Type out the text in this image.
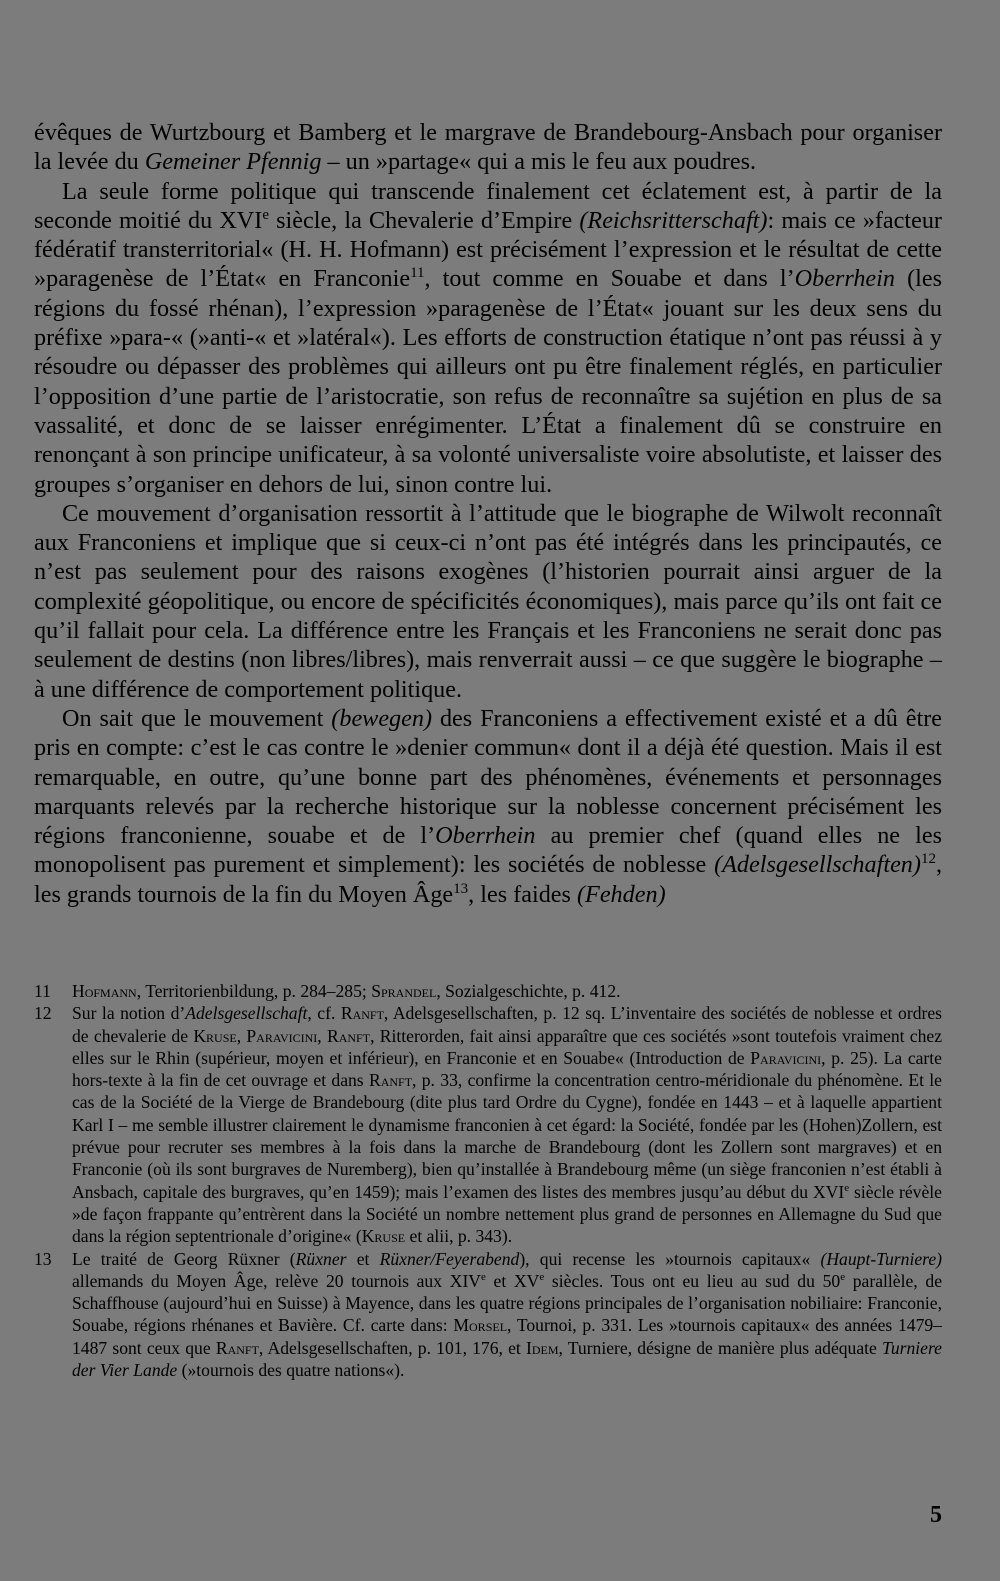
évêques de Wurtzbourg et Bamberg et le margrave de Brandebourg-Ansbach pour organiser la levée du Gemeiner Pfennig – un »partage« qui a mis le feu aux poudres.

La seule forme politique qui transcende finalement cet éclatement est, à partir de la seconde moitié du XVIe siècle, la Chevalerie d’Empire (Reichsritterschaft): mais ce »facteur fédératif transterritorial« (H. H. Hofmann) est précisément l’expression et le résultat de cette »paragenèse de l’État« en Franconie$^{11}$, tout comme en Souabe et dans l’Oberrhein (les régions du fossé rhénan), l’expression »paragenèse de l’État« jouant sur les deux sens du préfixe »para-« (»anti-« et »latéral«). Les efforts de construction étatique n’ont pas réussi à y résoudre ou dépasser des problèmes qui ailleurs ont pu être finalement réglés, en particulier l’opposition d’une partie de l’aristocratie, son refus de reconnaître sa sujétion en plus de sa vassalité, et donc de se laisser enrégimenter. L’État a finalement dû se construire en renonçant à son principe unificateur, à sa volonté universaliste voire absolutiste, et laisser des groupes s’organiser en dehors de lui, sinon contre lui.

Ce mouvement d’organisation ressortit à l’attitude que le biographe de Wilwolt reconnaît aux Franconiens et implique que si ceux-ci n’ont pas été intégrés dans les principautés, ce n’est pas seulement pour des raisons exogènes (l’historien pourrait ainsi arguer de la complexité géopolitique, ou encore de spécificités économiques), mais parce qu’ils ont fait ce qu’il fallait pour cela. La différence entre les Français et les Franconiens ne serait donc pas seulement de destins (non libres/libres), mais renverrait aussi – ce que suggère le biographe – à une différence de comportement politique.

On sait que le mouvement (bewegen) des Franconiens a effectivement existé et a dû être pris en compte: c’est le cas contre le »denier commun« dont il a déjà été question. Mais il est remarquable, en outre, qu’une bonne part des phénomènes, événements et personnages marquants relevés par la recherche historique sur la noblesse concernent précisément les régions franconienne, souabe et de l’Oberrhein au premier chef (quand elles ne les monopolisent pas purement et simplement): les sociétés de noblesse (Adelsgesellschaften)$^{12}$, les grands tournois de la fin du Moyen Âge$^{13}$, les faides (Fehden)

11	Hofmann, Territorienbildung, p. 284–285; Sprandel, Sozialgeschichte, p. 412.
12	Sur la notion d’Adelsgesellschaft, cf. Ranft, Adelsgesellschaften, p. 12 sq. L’inventaire des sociétés de noblesse et ordres de chevalerie de Kruse, Paravicini, Ranft, Ritterorden, fait ainsi apparaître que ces sociétés »sont toutefois vraiment chez elles sur le Rhin (supérieur, moyen et inférieur), en Franconie et en Souabe« (Introduction de Paravicini, p. 25). La carte hors-texte à la fin de cet ouvrage et dans Ranft, p. 33, confirme la concentration centro-méridionale du phénomène. Et le cas de la Société de la Vierge de Brandebourg (dite plus tard Ordre du Cygne), fondée en 1443 – et à laquelle appartient Karl I – me semble illustrer clairement le dynamisme franconien à cet égard: la Société, fondée par les (Hohen)Zollern, est prévue pour recruter ses membres à la fois dans la marche de Brandebourg (dont les Zollern sont margraves) et en Franconie (où ils sont burgraves de Nuremberg), bien qu’installée à Brandebourg même (un siège franconien n’est établi à Ansbach, capitale des burgraves, qu’en 1459); mais l’examen des listes des membres jusqu’au début du XVIe siècle révèle »de façon frappante qu’entrèrent dans la Société un nombre nettement plus grand de personnes en Allemagne du Sud que dans la région septentrionale d’origine« (Kruse et alii, p. 343).
13	Le traité de Georg Rüxner (Rüxner et Rüxner/Feyerabend), qui recense les »tournois capitaux« (Haupt-Turniere) allemands du Moyen Âge, relève 20 tournois aux XIVe et XVe siècles. Tous ont eu lieu au sud du 50e parallèle, de Schaffhouse (aujourd’hui en Suisse) à Mayence, dans les quatre régions principales de l’organisation nobiliaire: Franconie, Souabe, régions rhénanes et Bavière. Cf. carte dans: Morsel, Tournoi, p. 331. Les »tournois capitaux« des années 1479–1487 sont ceux que Ranft, Adelsgesellschaften, p. 101, 176, et Idem, Turniere, désigne de manière plus adéquate Turniere der Vier Lande (»tournois des quatre nations«).
5
